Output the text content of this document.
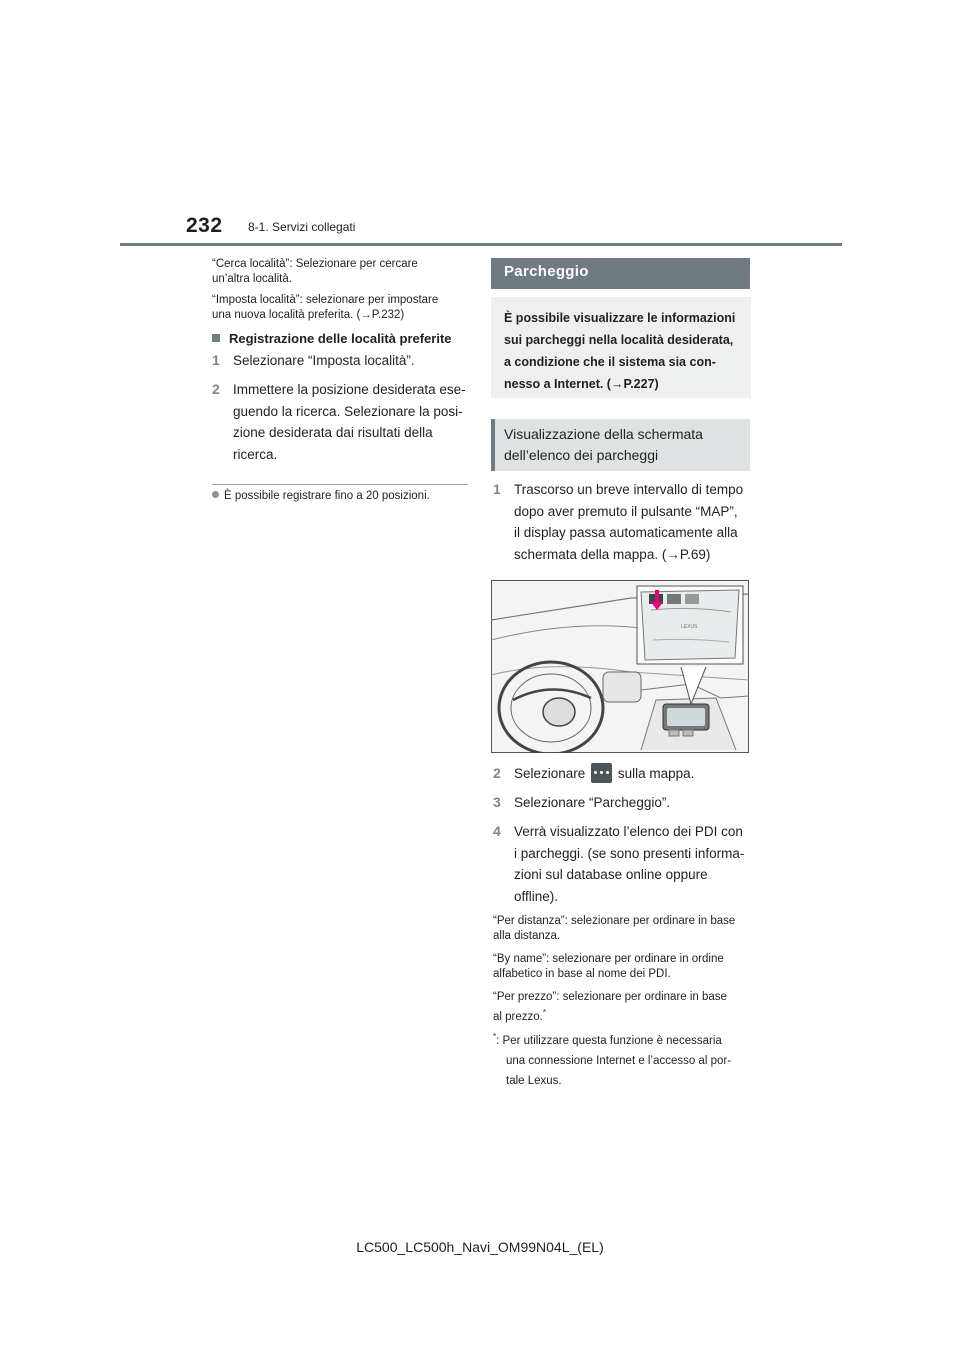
232 8-1. Servizi collegati
“Cerca località”: Selezionare per cercare
un’altra località.
“Imposta località”: selezionare per impostare
una nuova località preferita. (→P.232)
Registrazione delle località preferite
1 Selezionare “Imposta località”.
2 Immettere la posizione desiderata ese-
guendo la ricerca. Selezionare la posi-
zione desiderata dai risultati della
ricerca.
È possibile registrare fino a 20 posizioni.
Parcheggio

È possibile visualizzare le informazioni
sui parcheggi nella località desiderata,
a condizione che il sistema sia con-
nesso a Internet. (→P.227)

Visualizzazione della schermata
dell’elenco dei parcheggi

1 Trascorso un breve intervallo di tempo
dopo aver premuto il pulsante “MAP”,
il display passa automaticamente alla
schermata della mappa. (→P.69)
LEXUS
2 Selezionare sulla mappa.
3 Selezionare “Parcheggio”.
4 Verrà visualizzato l’elenco dei PDI con
i parcheggi. (se sono presenti informa-
zioni sul database online oppure
offline).
“Per distanza”: selezionare per ordinare in base
alla distanza.
“By name”: selezionare per ordinare in ordine
alfabetico in base al nome dei PDI.
“Per prezzo”: selezionare per ordinare in base
al prezzo.*
*: Per utilizzare questa funzione è necessaria
una connessione Internet e l’accesso al por-
tale Lexus.
LC500_LC500h_Navi_OM99N04L_(EL)
